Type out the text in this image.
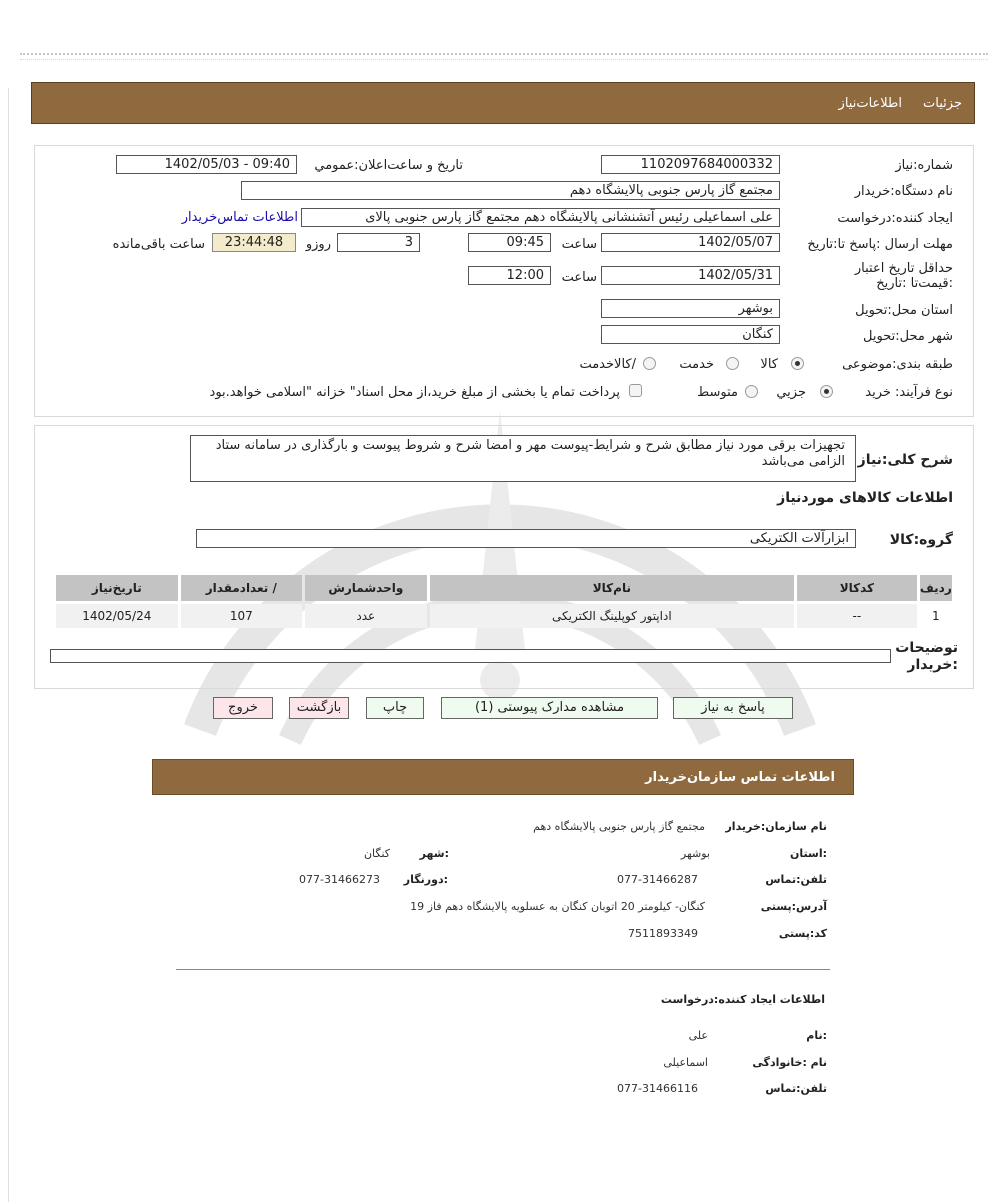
جزئیات
اطلاعات‌نیاز
شماره:نیاز
1102097684000332
تاریخ و ساعت‌اعلان:عمومي
1402/05/03 - 09:40
نام دستگاه:خریدار
مجتمع گاز پارس جنوبی پالایشگاه دهم
ایجاد کننده:درخواست
علی اسماعیلی رئیس آتشنشانی پالایشگاه دهم مجتمع گاز پارس جنوبی پالای
اطلاعات تماس‌خریدار
مهلت ارسال :پاسخ تا:تاریخ
1402/05/07
ساعت
09:45
3
روزو
23:44:48
ساعت باقی‌مانده
حداقل تاریخ اعتبار :قیمت‌تا :تاریخ
1402/05/31
ساعت
12:00
استان محل:تحویل
بوشهر
شهر محل:تحویل
کنگان
طبقه بندی:موضوعی
کالا
خدمت
/کالاخدمت
نوع فرآیند: خرید
جزیي
متوسط
پرداخت تمام یا بخشی از مبلغ خرید،از محل اسناد" خزانه "اسلامی خواهد.بود
شرح کلی:نیاز
تجهیزات برقی مورد نیاز مطابق شرح و شرایط-پیوست مهر و امضا شرح و شروط پیوست و بارگذاری در سامانه ستاد الزامی می‌باشد
اطلاعات کالاهای موردنیاز
گروه:کالا
ابزارآلات الکتریکی
ردیف	کدکالا	نام‌کالا	واحدشمارش	/ تعدادمقدار	تاریخ‌نیاز
1	--	اداپتور کوپلینگ الکتریکی	عدد	107	1402/05/24
توضیحات :خریدار
پاسخ به نیاز
مشاهده مدارک پیوستی (1)
چاپ
بازگشت
خروج
اطلاعات تماس سازمان‌خریدار
نام سازمان:خریدار
مجتمع گاز پارس جنوبی پالایشگاه دهم
:استان
بوشهر
:شهر
کنگان
تلفن:تماس
077-31466287
:دورنگار
077-31466273
آدرس:پستی
کنگان- کیلومتر 20 اتوبان کنگان به عسلویه پالایشگاه دهم فاز 19
کد:پستی
7511893349
اطلاعات ایجاد کننده:درخواست
:نام
علی
نام :خانوادگی
اسماعیلی
تلفن:تماس
077-31466116
